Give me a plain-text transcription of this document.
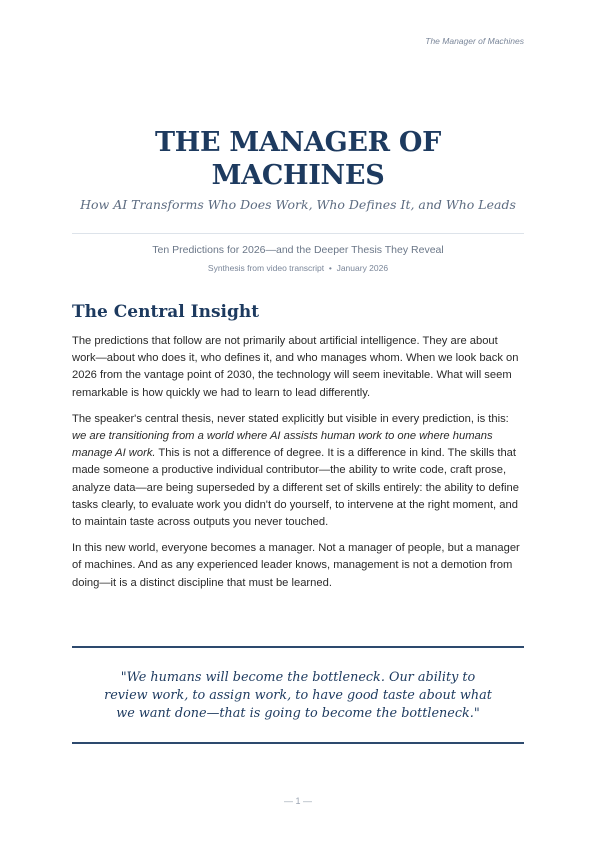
The Manager of Machines
THE MANAGER OF
MACHINES

How AI Transforms Who Does Work, Who Defines It, and Who Leads

Ten Predictions for 2026—and the Deeper Thesis They Reveal
Synthesis from video transcript • January 2026
The Central Insight

The predictions that follow are not primarily about artificial intelligence. They are about work—about who does it, who defines it, and who manages whom. When we look back on 2026 from the vantage point of 2030, the technology will seem inevitable. What will seem remarkable is how quickly we had to learn to lead differently.

The speaker's central thesis, never stated explicitly but visible in every prediction, is this: we are transitioning from a world where AI assists human work to one where humans manage AI work. This is not a difference of degree. It is a difference in kind. The skills that made someone a productive individual contributor—the ability to write code, craft prose, analyze data—are being superseded by a different set of skills entirely: the ability to define tasks clearly, to evaluate work you didn't do yourself, to intervene at the right moment, and to maintain taste across outputs you never touched.

In this new world, everyone becomes a manager. Not a manager of people, but a manager of machines. And as any experienced leader knows, management is not a demotion from doing—it is a distinct discipline that must be learned.

"We humans will become the bottleneck. Our ability to
review work, to assign work, to have good taste about what
we want done—that is going to become the bottleneck."
— 1 —
